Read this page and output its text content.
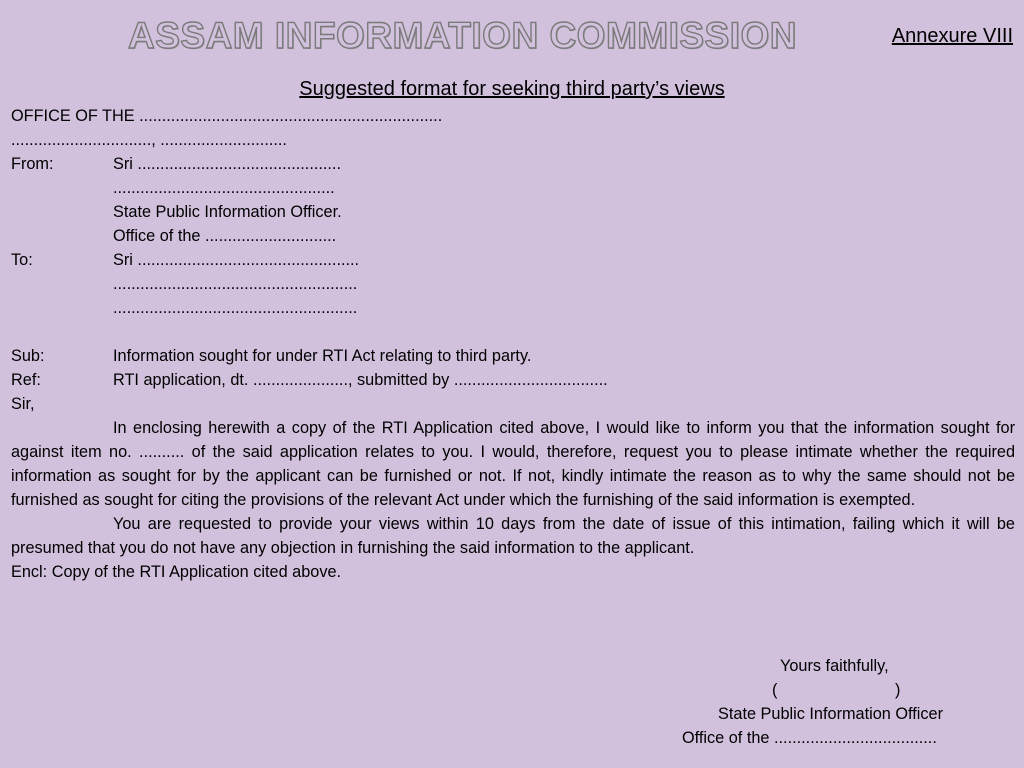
ASSAM INFORMATION COMMISSION	Annexure VIII
Suggested format for seeking third party’s views
OFFICE OF THE ...................................................................
..............................., ............................
From:	Sri .............................................
.................................................
State Public Information Officer.
Office of the .............................
To:	Sri .................................................
......................................................
......................................................
Sub:	Information sought for under RTI Act relating to third party.
Ref:	RTI application, dt. ....................., submitted by ..................................
Sir,
In enclosing herewith a copy of the RTI Application cited above, I would like to inform you that the information sought for against item no. .......... of the said application relates to you. I would, therefore, request you to please intimate whether the required information as sought for by the applicant can be furnished or not. If not, kindly intimate the reason as to why the same should not be furnished as sought for citing the provisions of the relevant Act under which the furnishing of the said information is exempted.
You are requested to provide your views within 10 days from the date of issue of this intimation, failing which it will be presumed that you do not have any objection in furnishing the said information to the applicant.
Encl: Copy of the RTI Application cited above.
Yours faithfully,
(                          )
State Public Information Officer
Office of the ....................................
